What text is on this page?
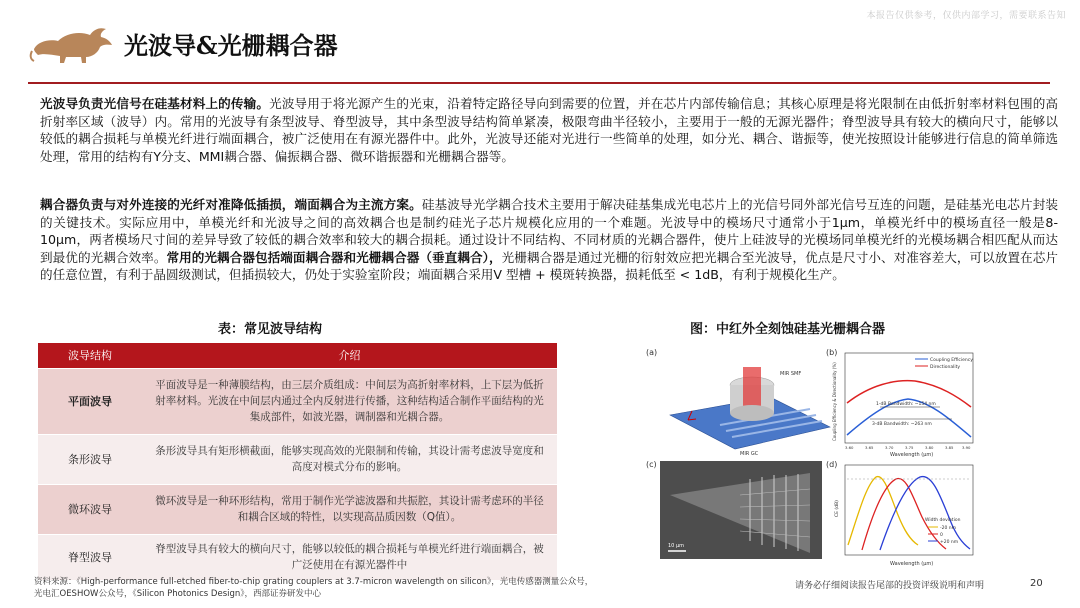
本报告仅供参考，仅供内部学习，需要联系告知
光波导&光栅耦合器
光波导负责光信号在硅基材料上的传输。光波导用于将光源产生的光束，沿着特定路径导向到需要的位置，并在芯片内部传输信息；其核心原理是将光限制在由低折射率材料包围的高折射率区域（波导）内。常用的光波导有条型波导、脊型波导，其中条型波导结构简单紧凑，极限弯曲半径较小，主要用于一般的无源光器件；脊型波导具有较大的横向尺寸，能够以较低的耦合损耗与单模光纤进行端面耦合，被广泛使用在有源光器件中。此外，光波导还能对光进行一些简单的处理，如分光、耦合、谐振等，使光按照设计能够进行信息的简单筛选处理，常用的结构有Y分支、MMI耦合器、偏振耦合器、微环谐振器和光栅耦合器等。
耦合器负责与对外连接的光纤对准降低插损，端面耦合为主流方案。硅基波导光学耦合技术主要用于解决硅基集成光电芯片上的光信号同外部光信号互连的问题，是硅基光电芯片封装的关键技术。实际应用中，单模光纤和光波导之间的高效耦合也是制约硅光子芯片规模化应用的一个难题。光波导中的模场尺寸通常小于1μm，单模光纤中的模场直径一般是8-10μm，两者模场尺寸间的差异导致了较低的耦合效率和较大的耦合损耗。通过设计不同结构、不同材质的光耦合器件，使片上硅波导的光模场同单模光纤的光模场耦合相匹配从而达到最优的光耦合效率。常用的光耦合器包括端面耦合器和光栅耦合器（垂直耦合），光栅耦合器是通过光栅的衍射效应把光耦合至光波导，优点是尺寸小、对准容差大，可以放置在芯片的任意位置，有利于晶圆级测试，但插损较大，仍处于实验室阶段；端面耦合采用V 型槽 + 模斑转换器，损耗低至 < 1dB，有利于规模化生产。
表：常见波导结构	图：中红外全刻蚀硅基光栅耦合器
波导结构	介绍
平面波导	平面波导是一种薄膜结构，由三层介质组成：中间层为高折射率材料，上下层为低折射率材料。光波在中间层内通过全内反射进行传播，这种结构适合制作平面结构的光集成部件，如波光器，调制器和光耦合器。
条形波导	条形波导具有矩形横截面，能够实现高效的光限制和传输，其设计需考虑波导宽度和高度对模式分布的影响。
微环波导	微环波导是一种环形结构，常用于制作光学滤波器和共振腔，其设计需考虑环的半径和耦合区域的特性，以实现高品质因数（Q值）。
脊型波导	脊型波导具有较大的横向尺寸，能够以较低的耦合损耗与单模光纤进行端面耦合，被广泛使用在有源光器件中
(a)
MIR SMF
MIR GC
(b)
Coupling Efficiency
Directionality
1-dB Bandwidth: ~154 nm
3-dB Bandwidth: ~263 nm
3.60	3.65	3.70	3.75	3.80	3.85 3.90
Wavelength (μm)
Coupling Efficiency & Directionality (%)
(c)
10 μm
(d)
Width deviation
-20 nm
0
+20 nm
Wavelength (μm)
CE (dB)
资料来源：《High-performance full-etched fiber-to-chip grating couplers at 3.7-micron wavelength on silicon》，光电传感器测量公众号，光电汇OESHOW公众号，《Silicon Photonics Design》，西部证券研发中心
请务必仔细阅读报告尾部的投资评级说明和声明	20
